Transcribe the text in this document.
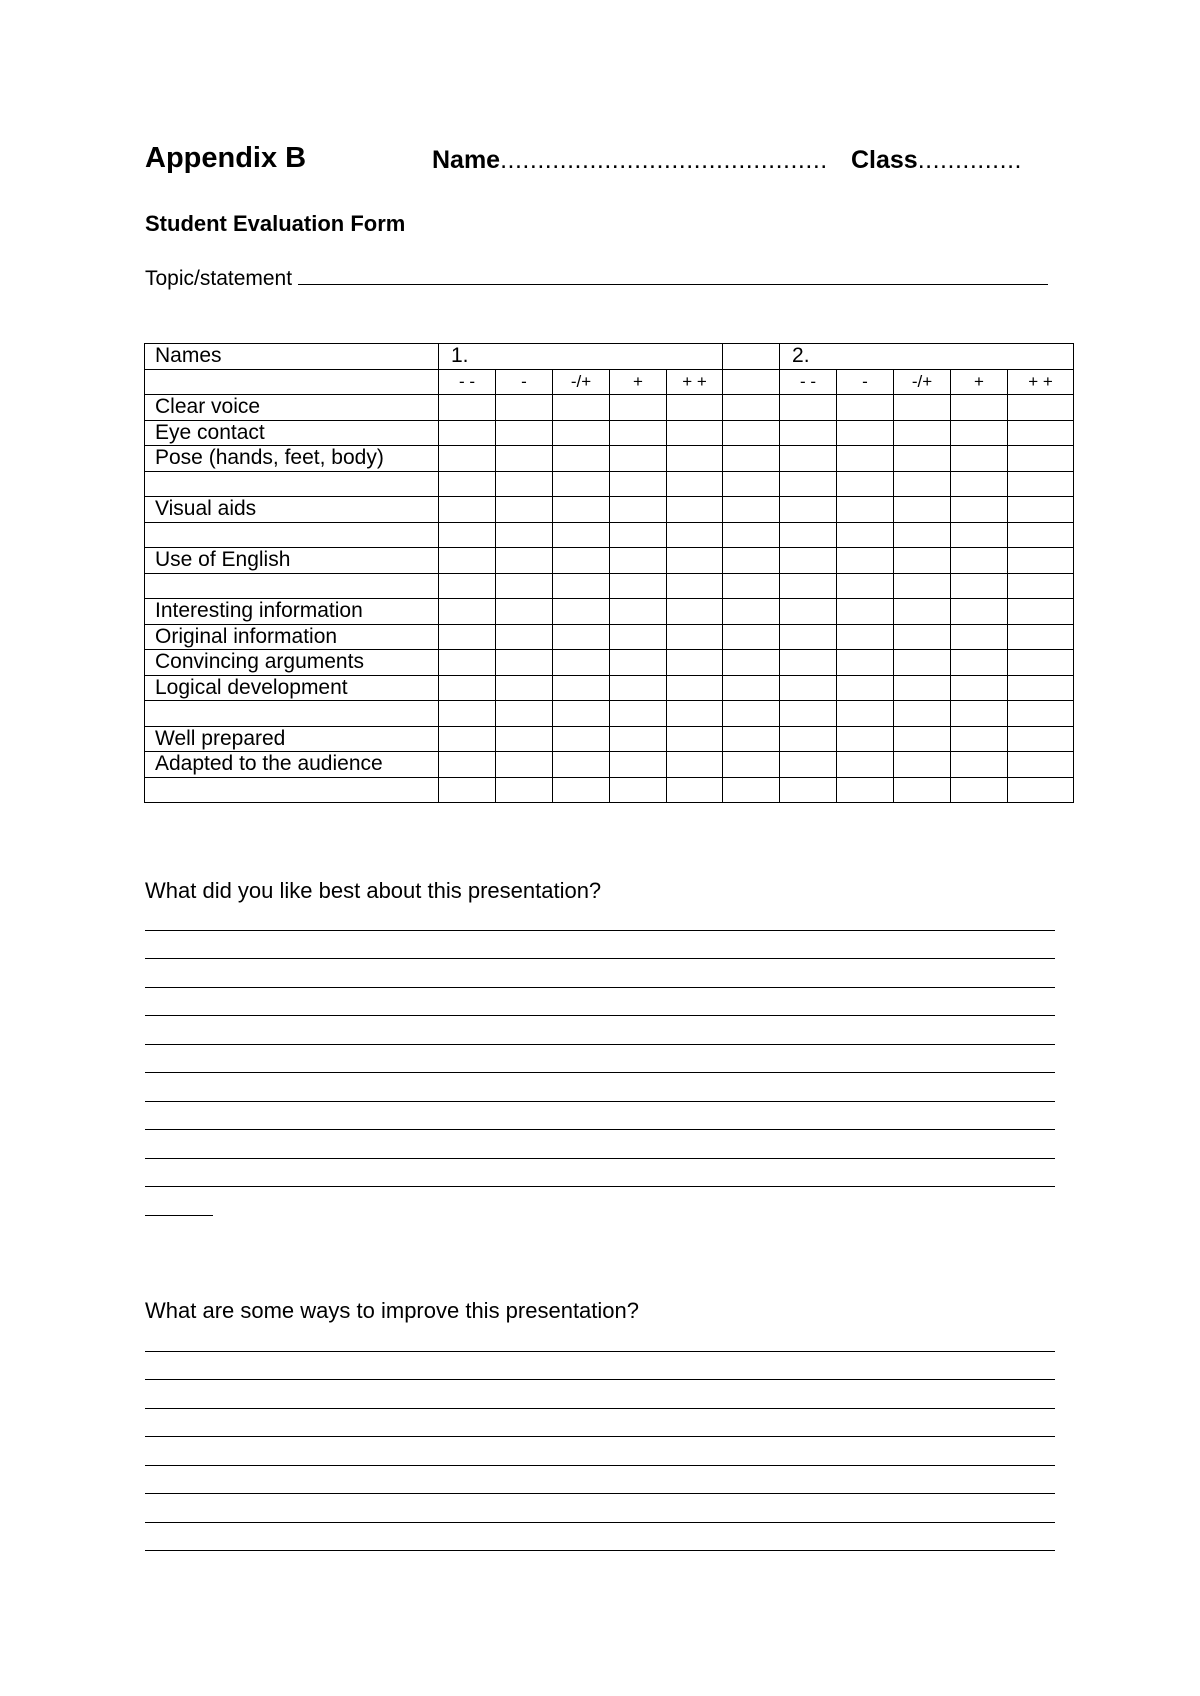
Appendix B	Name............................................ Class..............
Student Evaluation Form
Topic/statement
Names	1.						2.				
	- -	-	-/+	+	+ +		- -	-	-/+	+	+ +
Clear voice											
Eye contact											
Pose (hands, feet, body)											

Visual aids											

Use of English											

Interesting information											
Original information											
Convincing arguments											
Logical development											

Well prepared											
Adapted to the audience											

What did you like best about this presentation?
What are some ways to improve this presentation?
